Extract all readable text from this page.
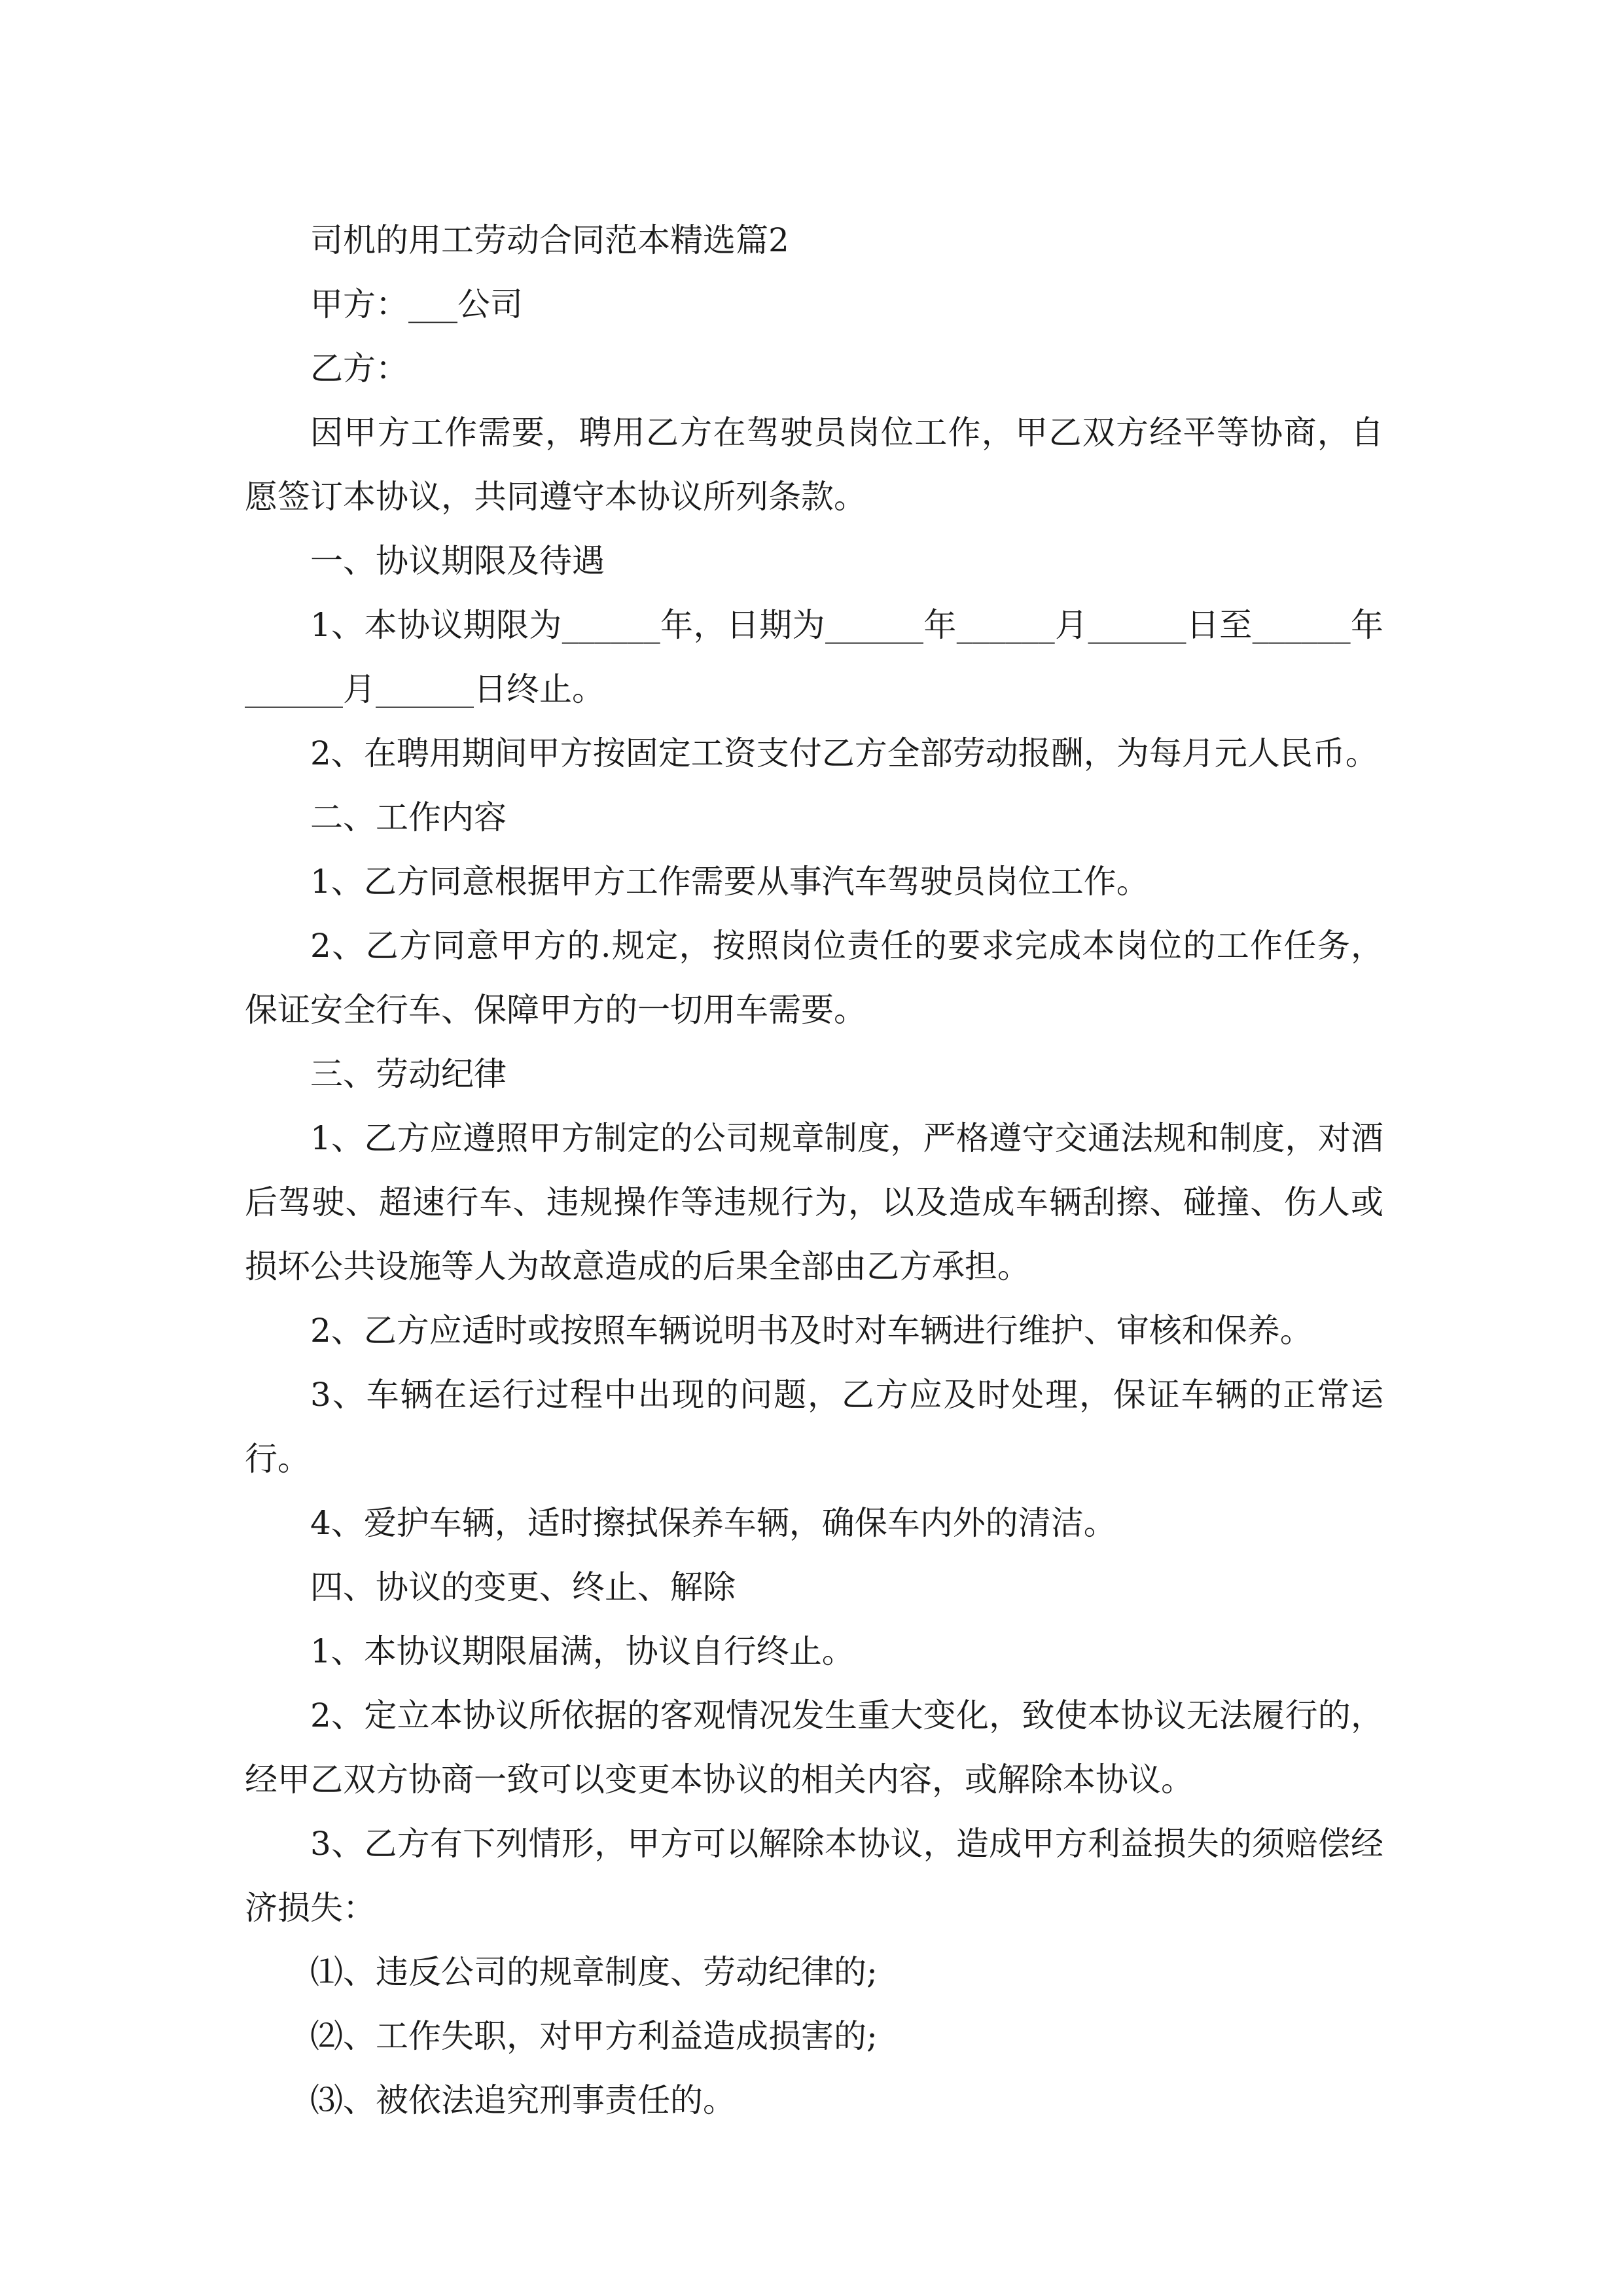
司机的用工劳动合同范本精选篇2

甲方：___公司

乙方：

因甲方工作需要，聘用乙方在驾驶员岗位工作，甲乙双方经平等协商，自愿签订本协议，共同遵守本协议所列条款。

一、协议期限及待遇

1、本协议期限为______年，日期为______年______月______日至______年______月______日终止。

2、在聘用期间甲方按固定工资支付乙方全部劳动报酬，为每月元人民币。

二、工作内容

1、乙方同意根据甲方工作需要从事汽车驾驶员岗位工作。

2、乙方同意甲方的.规定，按照岗位责任的要求完成本岗位的工作任务，保证安全行车、保障甲方的一切用车需要。

三、劳动纪律

1、乙方应遵照甲方制定的公司规章制度，严格遵守交通法规和制度，对酒后驾驶、超速行车、违规操作等违规行为，以及造成车辆刮擦、碰撞、伤人或损坏公共设施等人为故意造成的后果全部由乙方承担。

2、乙方应适时或按照车辆说明书及时对车辆进行维护、审核和保养。

3、车辆在运行过程中出现的问题，乙方应及时处理，保证车辆的正常运行。

4、爱护车辆，适时擦拭保养车辆，确保车内外的清洁。

四、协议的变更、终止、解除

1、本协议期限届满，协议自行终止。

2、定立本协议所依据的客观情况发生重大变化，致使本协议无法履行的，经甲乙双方协商一致可以变更本协议的相关内容，或解除本协议。

3、乙方有下列情形，甲方可以解除本协议，造成甲方利益损失的须赔偿经济损失：

⑴、违反公司的规章制度、劳动纪律的;

⑵、工作失职，对甲方利益造成损害的;

⑶、被依法追究刑事责任的。
